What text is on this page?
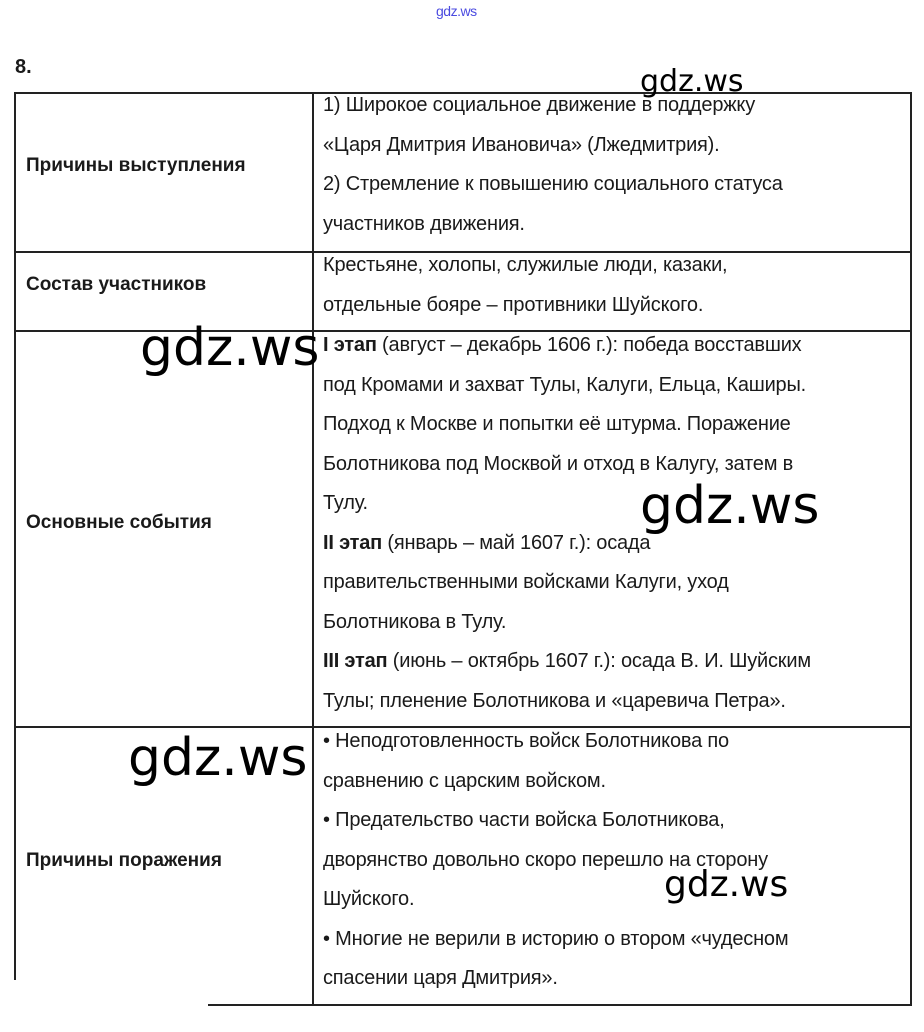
gdz.ws
8.
Причины выступления
Состав участников
Основные события
Причины поражения
1) Широкое социальное движение в поддержку
«Царя Дмитрия Ивановича» (Лжедмитрия).
2) Стремление к повышению социального статуса
участников движения.
Крестьяне, холопы, служилые люди, казаки,
отдельные бояре – противники Шуйского.
I этап (август – декабрь 1606 г.): победа восставших
под Кромами и захват Тулы, Калуги, Ельца, Каширы.
Подход к Москве и попытки её штурма. Поражение
Болотникова под Москвой и отход в Калугу, затем в
Тулу.
II этап (январь – май 1607 г.): осада
правительственными войсками Калуги, уход
Болотникова в Тулу.
III этап (июнь – октябрь 1607 г.): осада В. И. Шуйским
Тулы; пленение Болотникова и «царевича Петра».
• Неподготовленность войск Болотникова по
сравнению с царским войском.
• Предательство части войска Болотникова,
дворянство довольно скоро перешло на сторону
Шуйского.
• Многие не верили в историю о втором «чудесном
спасении царя Дмитрия».
gdz.ws
gdz.ws
gdz.ws
gdz.ws
gdz.ws
